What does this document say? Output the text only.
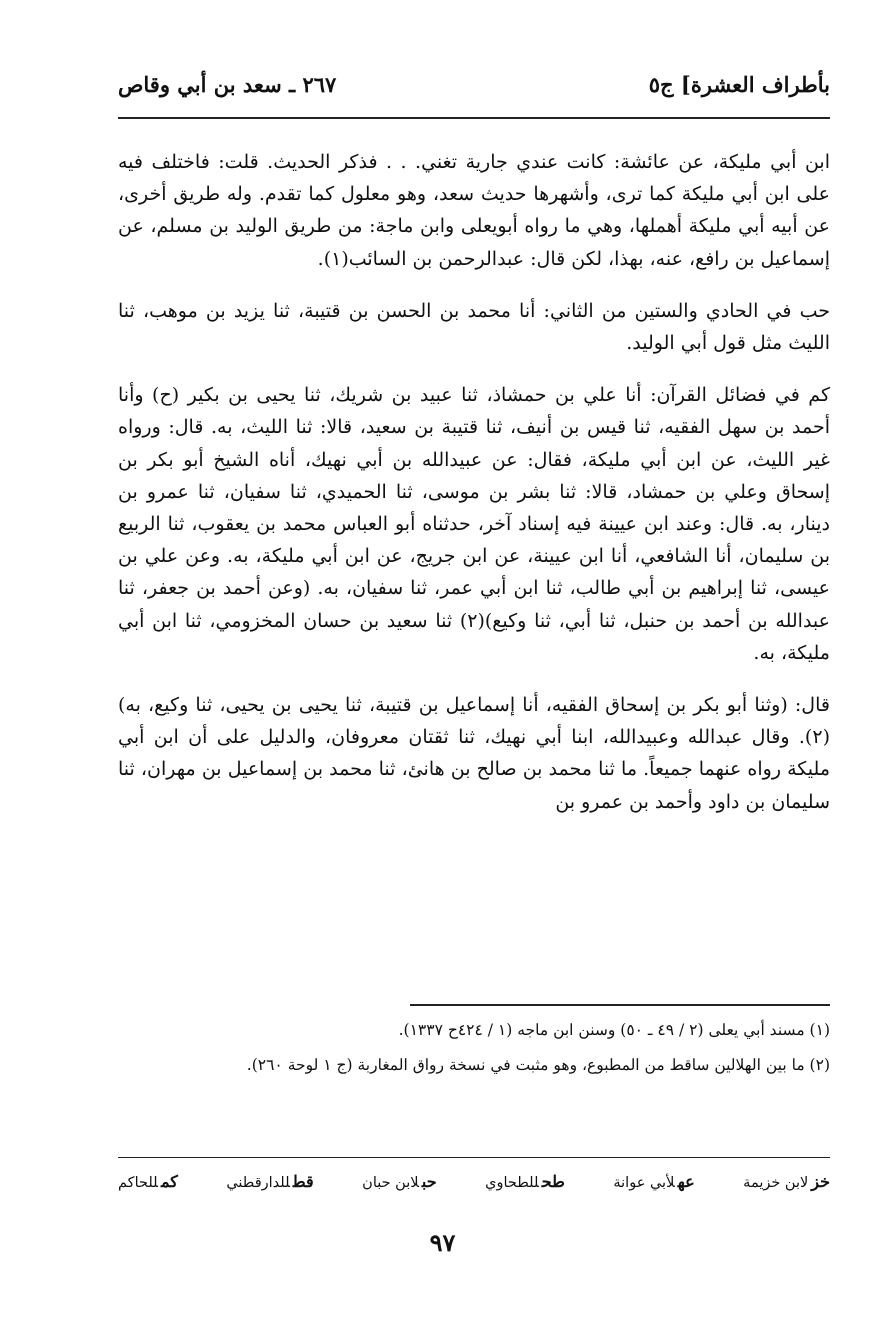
بأطراف العشرة] ج٥
٢٦٧ ـ سعد بن أبي وقاص

ابن أبي مليكة، عن عائشة: كانت عندي جارية تغني. . . فذكر الحديث. قلت: فاختلف فيه على ابن أبي مليكة كما ترى، وأشهرها حديث سعد، وهو معلول كما تقدم. وله طريق أخرى، عن أبيه أبي مليكة أهملها، وهي ما رواه أبويعلى وابن ماجة: من طريق الوليد بن مسلم، عن إسماعيل بن رافع، عنه، بهذا، لكن قال: عبدالرحمن بن السائب(١).

حب في الحادي والستين من الثاني: أنا محمد بن الحسن بن قتيبة، ثنا يزيد بن موهب، ثنا الليث مثل قول أبي الوليد.

كم في فضائل القرآن: أنا علي بن حمشاذ، ثنا عبيد بن شريك، ثنا يحيى بن بكير (ح) وأنا أحمد بن سهل الفقيه، ثنا قيس بن أنيف، ثنا قتيبة بن سعيد، قالا: ثنا الليث، به. قال: ورواه غير الليث، عن ابن أبي مليكة، فقال: عن عبيدالله بن أبي نهيك، أناه الشيخ أبو بكر بن إسحاق وعلي بن حمشاد، قالا: ثنا بشر بن موسى، ثنا الحميدي، ثنا سفيان، ثنا عمرو بن دينار، به. قال: وعند ابن عيينة فيه إسناد آخر، حدثناه أبو العباس محمد بن يعقوب، ثنا الربيع بن سليمان، أنا الشافعي، أنا ابن عيينة، عن ابن جريج، عن ابن أبي مليكة، به. وعن علي بن عيسى، ثنا إبراهيم بن أبي طالب، ثنا ابن أبي عمر، ثنا سفيان، به. (وعن أحمد بن جعفر، ثنا عبدالله بن أحمد بن حنبل، ثنا أبي، ثنا وكيع)(٢) ثنا سعيد بن حسان المخزومي، ثنا ابن أبي مليكة، به.

قال: (وثنا أبو بكر بن إسحاق الفقيه، أنا إسماعيل بن قتيبة، ثنا يحيى بن يحيى، ثنا وكيع، به)(٢). وقال عبدالله وعبيدالله، ابنا أبي نهيك، ثنا ثقتان معروفان، والدليل على أن ابن أبي مليكة رواه عنهما جميعاً. ما ثنا محمد بن صالح بن هانئ، ثنا محمد بن إسماعيل بن مهران، ثنا سليمان بن داود وأحمد بن عمرو بن

(١) مسند أبي يعلى (٢ / ٤٩ ـ ٥٠) وسنن ابن ماجه (١ / ٤٢٤ح ١٣٣٧).

(٢) ما بين الهلالين ساقط من المطبوع، وهو مثبت في نسخة رواق المغاربة (ج ١ لوحة ٢٦٠).

خزلابن خزيمة
عهلأبي عوانة
طحللطحاوي
حبلابن حبان
قطللدارقطني
كمللحاكم
٩٧
